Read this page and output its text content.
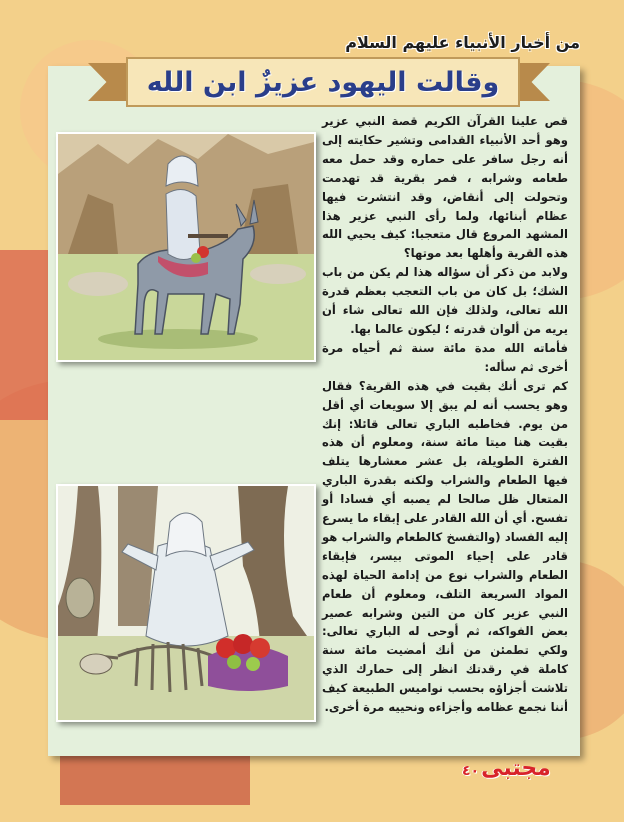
من أخبار الأنبياء عليهم السلام
وقالت اليهود عزيزٌ ابن الله

قص علينا القرآن الكريم قصة النبي عزير وهو أحد الأنبياء القدامى وتشير حكايته إلى أنه رجل سافر على حماره وقد حمل معه طعامه وشرابه ، فمر بقرية قد تهدمت وتحولت إلى أنقاض، وقد انتشرت فيها عظام أبنائها، ولما رأى النبي عزير هذا المشهد المروع قال متعجبا: كيف يحيي الله هذه القرية وأهلها بعد موتها؟

ولابد من ذكر أن سؤاله هذا لم يكن من باب الشك؛ بل كان من باب التعجب بعظم قدرة الله تعالى، ولذلك فإن الله تعالى شاء أن يريه من ألوان قدرته ؛ ليكون عالما بها.

فأماته الله مدة مائة سنة ثم أحياه مرة أخرى ثم سأله:

كم ترى أنك بقيت في هذه القرية؟ فقال وهو يحسب أنه لم يبق إلا سويعات أي أقل من يوم. فخاطبه الباري تعالى قائلا: إنك بقيت هنا ميتا مائة سنة، ومعلوم أن هذه الفترة الطويلة، بل عشر معشارها يتلف فيها الطعام والشراب ولكنه بقدرة الباري المتعال ظل صالحا لم يصبه أي فسادا أو تفسح. أي أن الله القادر على إبقاء ما يسرع إليه الفساد (والتفسخ كالطعام والشراب هو قادر على إحياء الموتى بيسر، فإبقاء الطعام والشراب نوع من إدامة الحياة لهذه المواد السريعة التلف، ومعلوم أن طعام النبي عزير كان من التين وشرابه عصير بعض الفواكه، ثم أوحى له الباري تعالى: ولكي تطمئن من أنك أمضيت مائة سنة كاملة في رقدتك انظر إلى حمارك الذي تلاشت أجزاؤه بحسب نواميس الطبيعة كيف أننا نجمع عظامه وأجزاءه ونحييه مرة أخرى.

مجتبى
٤٠
